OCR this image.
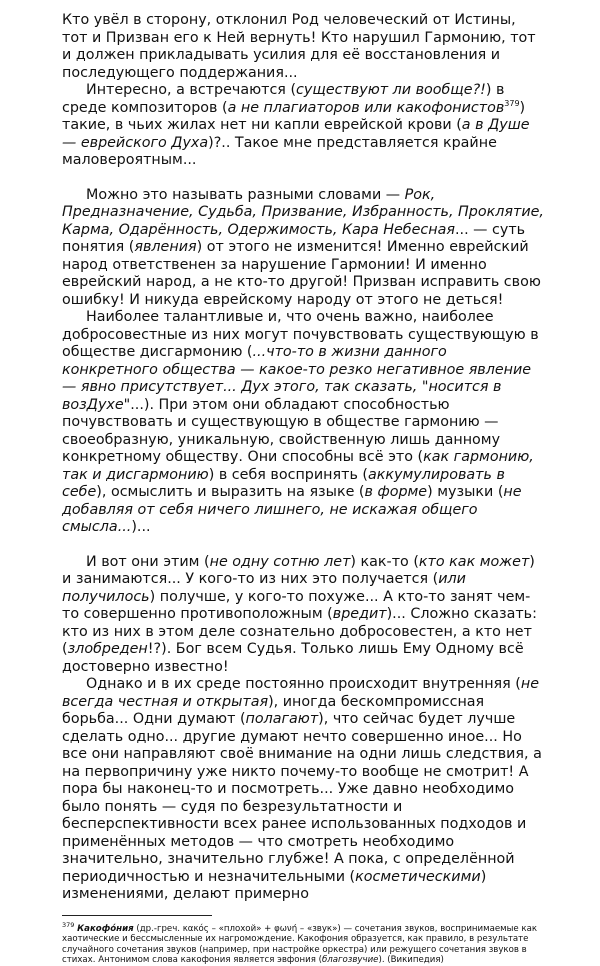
Кто увёл в сторону, отклонил Род человеческий от Истины, тот и Призван его к Ней вернуть! Кто нарушил Гармонию, тот и должен прикладывать усилия для её восстановления и последующего поддержания...

Интересно, а встречаются (существуют ли вообще?!) в среде композиторов (а не плагиаторов или какофонистов$^{379}$) такие, в чьих жилах нет ни капли еврейской крови (а в Душе — еврейского Духа)?.. Такое мне представляется крайне маловероятным...

Можно это называть разными словами — Рок, Предназначение, Судьба, Призвание, Избранность, Проклятие, Карма, Одарённость, Одержимость, Кара Небесная... — суть понятия (явления) от этого не изменится! Именно еврейский народ ответственен за нарушение Гармонии! И именно еврейский народ, а не кто-то другой! Призван исправить свою ошибку! И никуда еврейскому народу от этого не деться!

Наиболее талантливые и, что очень важно, наиболее добросовестные из них могут почувствовать существующую в обществе дисгармонию (...что-то в жизни данного конкретного общества — какое-то резко негативное явление — явно присутствует... Дух этого, так сказать, "носится в возДухе"...). При этом они обладают способностью почувствовать и существующую в обществе гармонию — своеобразную, уникальную, свойственную лишь данному конкретному обществу. Они способны всё это (как гармонию, так и дисгармонию) в себя воспринять (аккумулировать в себе), осмыслить и выразить на языке (в форме) музыки (не добавляя от себя ничего лишнего, не искажая общего смысла...)...

И вот они этим (не одну сотню лет) как-то (кто как может) и занимаются... У кого-то из них это получается (или получилось) получше, у кого-то похуже... А кто-то занят чем-то совершенно противоположным (вредит)... Сложно сказать: кто из них в этом деле сознательно добросовестен, а кто нет (злобреден!?). Бог всем Судья. Только лишь Ему Одному всё достоверно известно!

Однако и в их среде постоянно происходит внутренняя (не всегда честная и открытая), иногда бескомпромиссная борьба... Одни думают (полагают), что сейчас будет лучше сделать одно... другие думают нечто совершенно иное... Но все они направляют своё внимание на одни лишь следствия, а на первопричину уже никто почему-то вообще не смотрит! А пора бы наконец-то и посмотреть... Уже давно необходимо было понять — судя по безрезультатности и бесперспективности всех ранее использованных подходов и применённых методов — что смотреть необходимо значительно, значительно глубже! А пока, с определённой периодичностью и незначительными (косметическими) изменениями, делают примерно

$^{379}$ Какофо́ния (др.-греч. κακός – «плохой» + φωνή – «звук») — сочетания звуков, воспринимаемые как хаотические и бессмысленные их нагромождение. Какофония образуется, как правило, в результате случайного сочетания звуков (например, при настройке оркестра) или режущего сочетания звуков в стихах. Антонимом слова какофония является эвфония (благозвучие). (Википедия)
